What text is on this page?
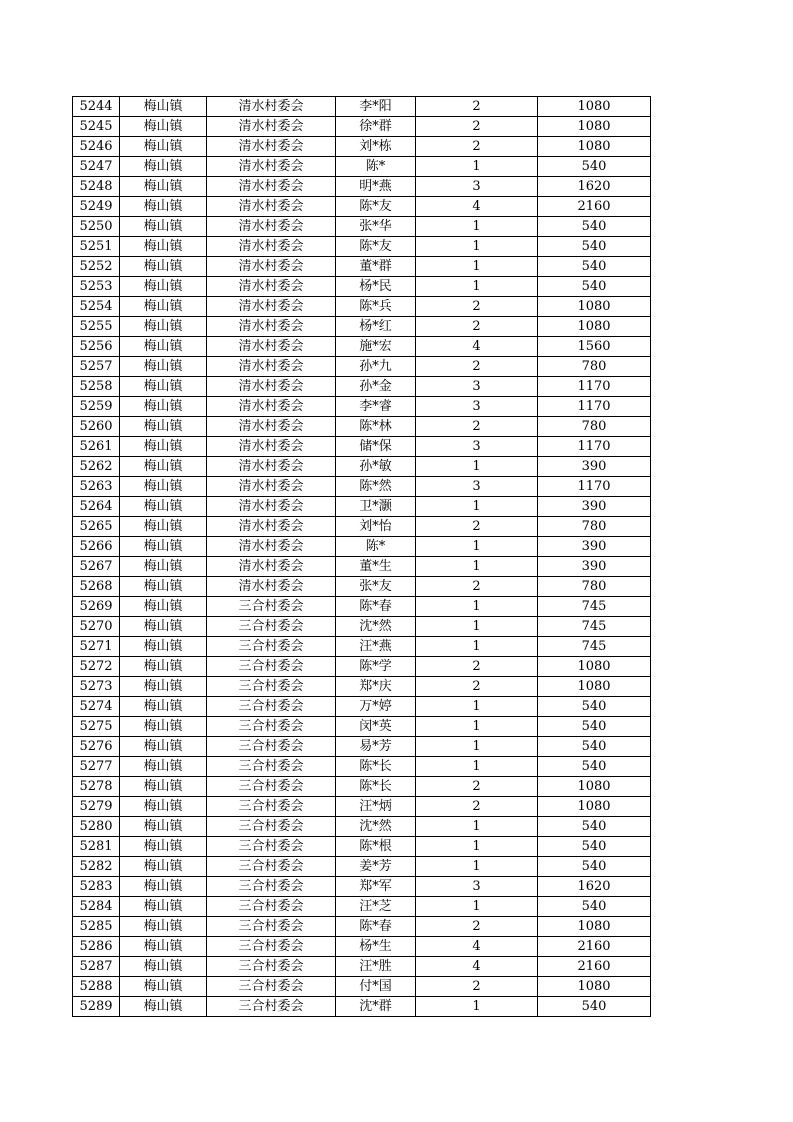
5244	梅山镇	清水村委会	李*阳	2	1080
5245	梅山镇	清水村委会	徐*群	2	1080
5246	梅山镇	清水村委会	刘*栋	2	1080
5247	梅山镇	清水村委会	陈*	1	540
5248	梅山镇	清水村委会	明*燕	3	1620
5249	梅山镇	清水村委会	陈*友	4	2160
5250	梅山镇	清水村委会	张*华	1	540
5251	梅山镇	清水村委会	陈*友	1	540
5252	梅山镇	清水村委会	董*群	1	540
5253	梅山镇	清水村委会	杨*民	1	540
5254	梅山镇	清水村委会	陈*兵	2	1080
5255	梅山镇	清水村委会	杨*红	2	1080
5256	梅山镇	清水村委会	施*宏	4	1560
5257	梅山镇	清水村委会	孙*九	2	780
5258	梅山镇	清水村委会	孙*金	3	1170
5259	梅山镇	清水村委会	李*睿	3	1170
5260	梅山镇	清水村委会	陈*林	2	780
5261	梅山镇	清水村委会	储*保	3	1170
5262	梅山镇	清水村委会	孙*敏	1	390
5263	梅山镇	清水村委会	陈*然	3	1170
5264	梅山镇	清水村委会	卫*灏	1	390
5265	梅山镇	清水村委会	刘*怡	2	780
5266	梅山镇	清水村委会	陈*	1	390
5267	梅山镇	清水村委会	董*生	1	390
5268	梅山镇	清水村委会	张*友	2	780
5269	梅山镇	三合村委会	陈*春	1	745
5270	梅山镇	三合村委会	沈*然	1	745
5271	梅山镇	三合村委会	汪*燕	1	745
5272	梅山镇	三合村委会	陈*学	2	1080
5273	梅山镇	三合村委会	郑*庆	2	1080
5274	梅山镇	三合村委会	万*婷	1	540
5275	梅山镇	三合村委会	闵*英	1	540
5276	梅山镇	三合村委会	易*芳	1	540
5277	梅山镇	三合村委会	陈*长	1	540
5278	梅山镇	三合村委会	陈*长	2	1080
5279	梅山镇	三合村委会	汪*炳	2	1080
5280	梅山镇	三合村委会	沈*然	1	540
5281	梅山镇	三合村委会	陈*根	1	540
5282	梅山镇	三合村委会	姜*芳	1	540
5283	梅山镇	三合村委会	郑*军	3	1620
5284	梅山镇	三合村委会	汪*芝	1	540
5285	梅山镇	三合村委会	陈*春	2	1080
5286	梅山镇	三合村委会	杨*生	4	2160
5287	梅山镇	三合村委会	汪*胜	4	2160
5288	梅山镇	三合村委会	付*国	2	1080
5289	梅山镇	三合村委会	沈*群	1	540
